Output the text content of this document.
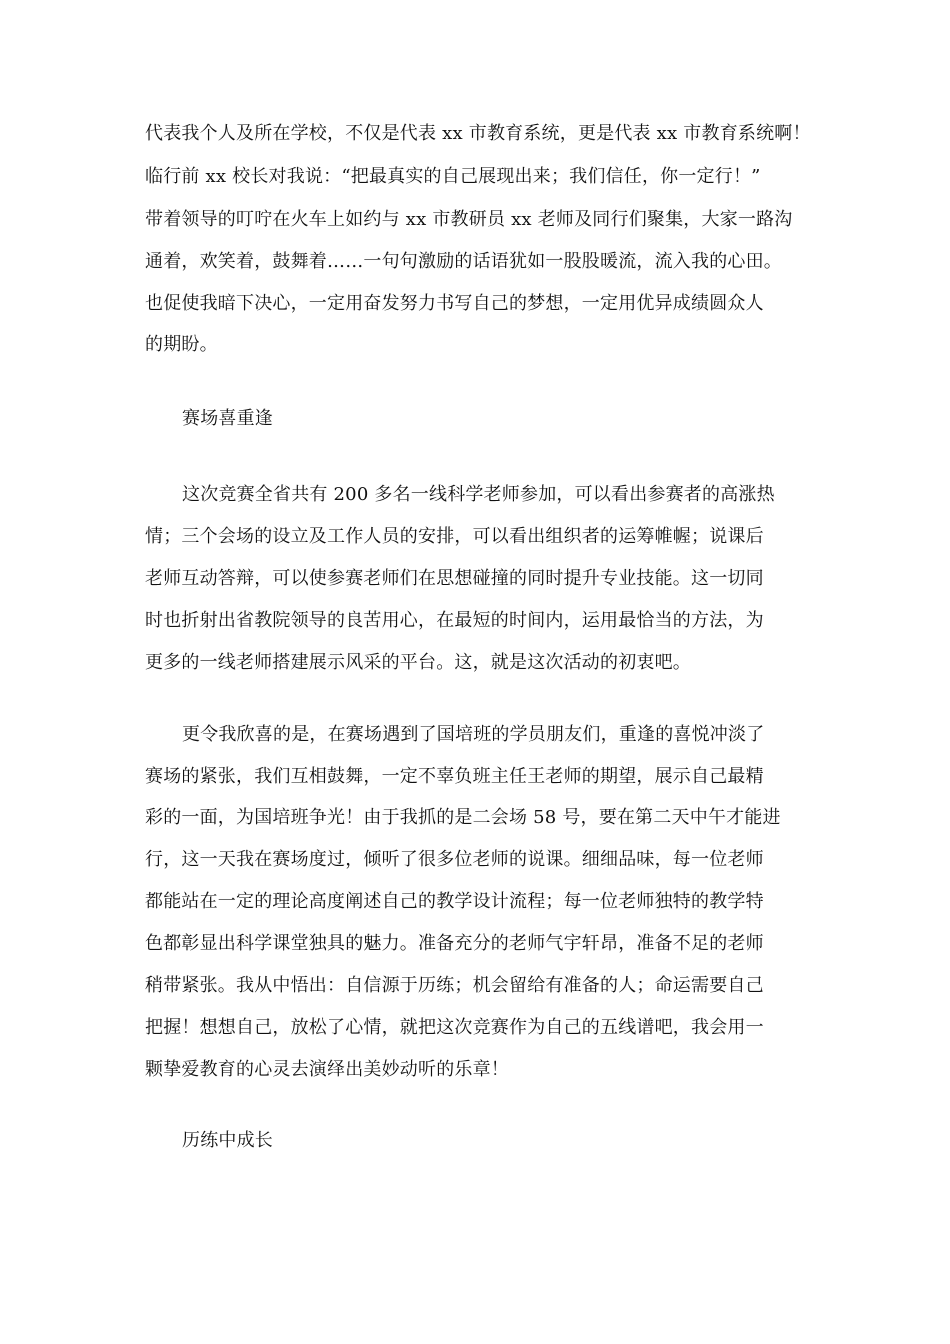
代表我个人及所在学校，不仅是代表 xx 市教育系统，更是代表 xx 市教育系统啊！
临行前 xx 校长对我说：“把最真实的自己展现出来；我们信任，你一定行！”
带着领导的叮咛在火车上如约与 xx 市教研员 xx 老师及同行们聚集，大家一路沟
通着，欢笑着，鼓舞着……一句句激励的话语犹如一股股暖流，流入我的心田。
也促使我暗下决心，一定用奋发努力书写自己的梦想，一定用优异成绩圆众人
的期盼。
赛场喜重逢
这次竞赛全省共有 200 多名一线科学老师参加，可以看出参赛者的高涨热
情；三个会场的设立及工作人员的安排，可以看出组织者的运筹帷幄；说课后
老师互动答辩，可以使参赛老师们在思想碰撞的同时提升专业技能。这一切同
时也折射出省教院领导的良苦用心，在最短的时间内，运用最恰当的方法，为
更多的一线老师搭建展示风采的平台。这，就是这次活动的初衷吧。
更令我欣喜的是，在赛场遇到了国培班的学员朋友们，重逢的喜悦冲淡了
赛场的紧张，我们互相鼓舞，一定不辜负班主任王老师的期望，展示自己最精
彩的一面，为国培班争光！由于我抓的是二会场 58 号，要在第二天中午才能进
行，这一天我在赛场度过，倾听了很多位老师的说课。细细品味，每一位老师
都能站在一定的理论高度阐述自己的教学设计流程；每一位老师独特的教学特
色都彰显出科学课堂独具的魅力。准备充分的老师气宇轩昂，准备不足的老师
稍带紧张。我从中悟出：自信源于历练；机会留给有准备的人；命运需要自己
把握！想想自己，放松了心情，就把这次竞赛作为自己的五线谱吧，我会用一
颗挚爱教育的心灵去演绎出美妙动听的乐章！
历练中成长
